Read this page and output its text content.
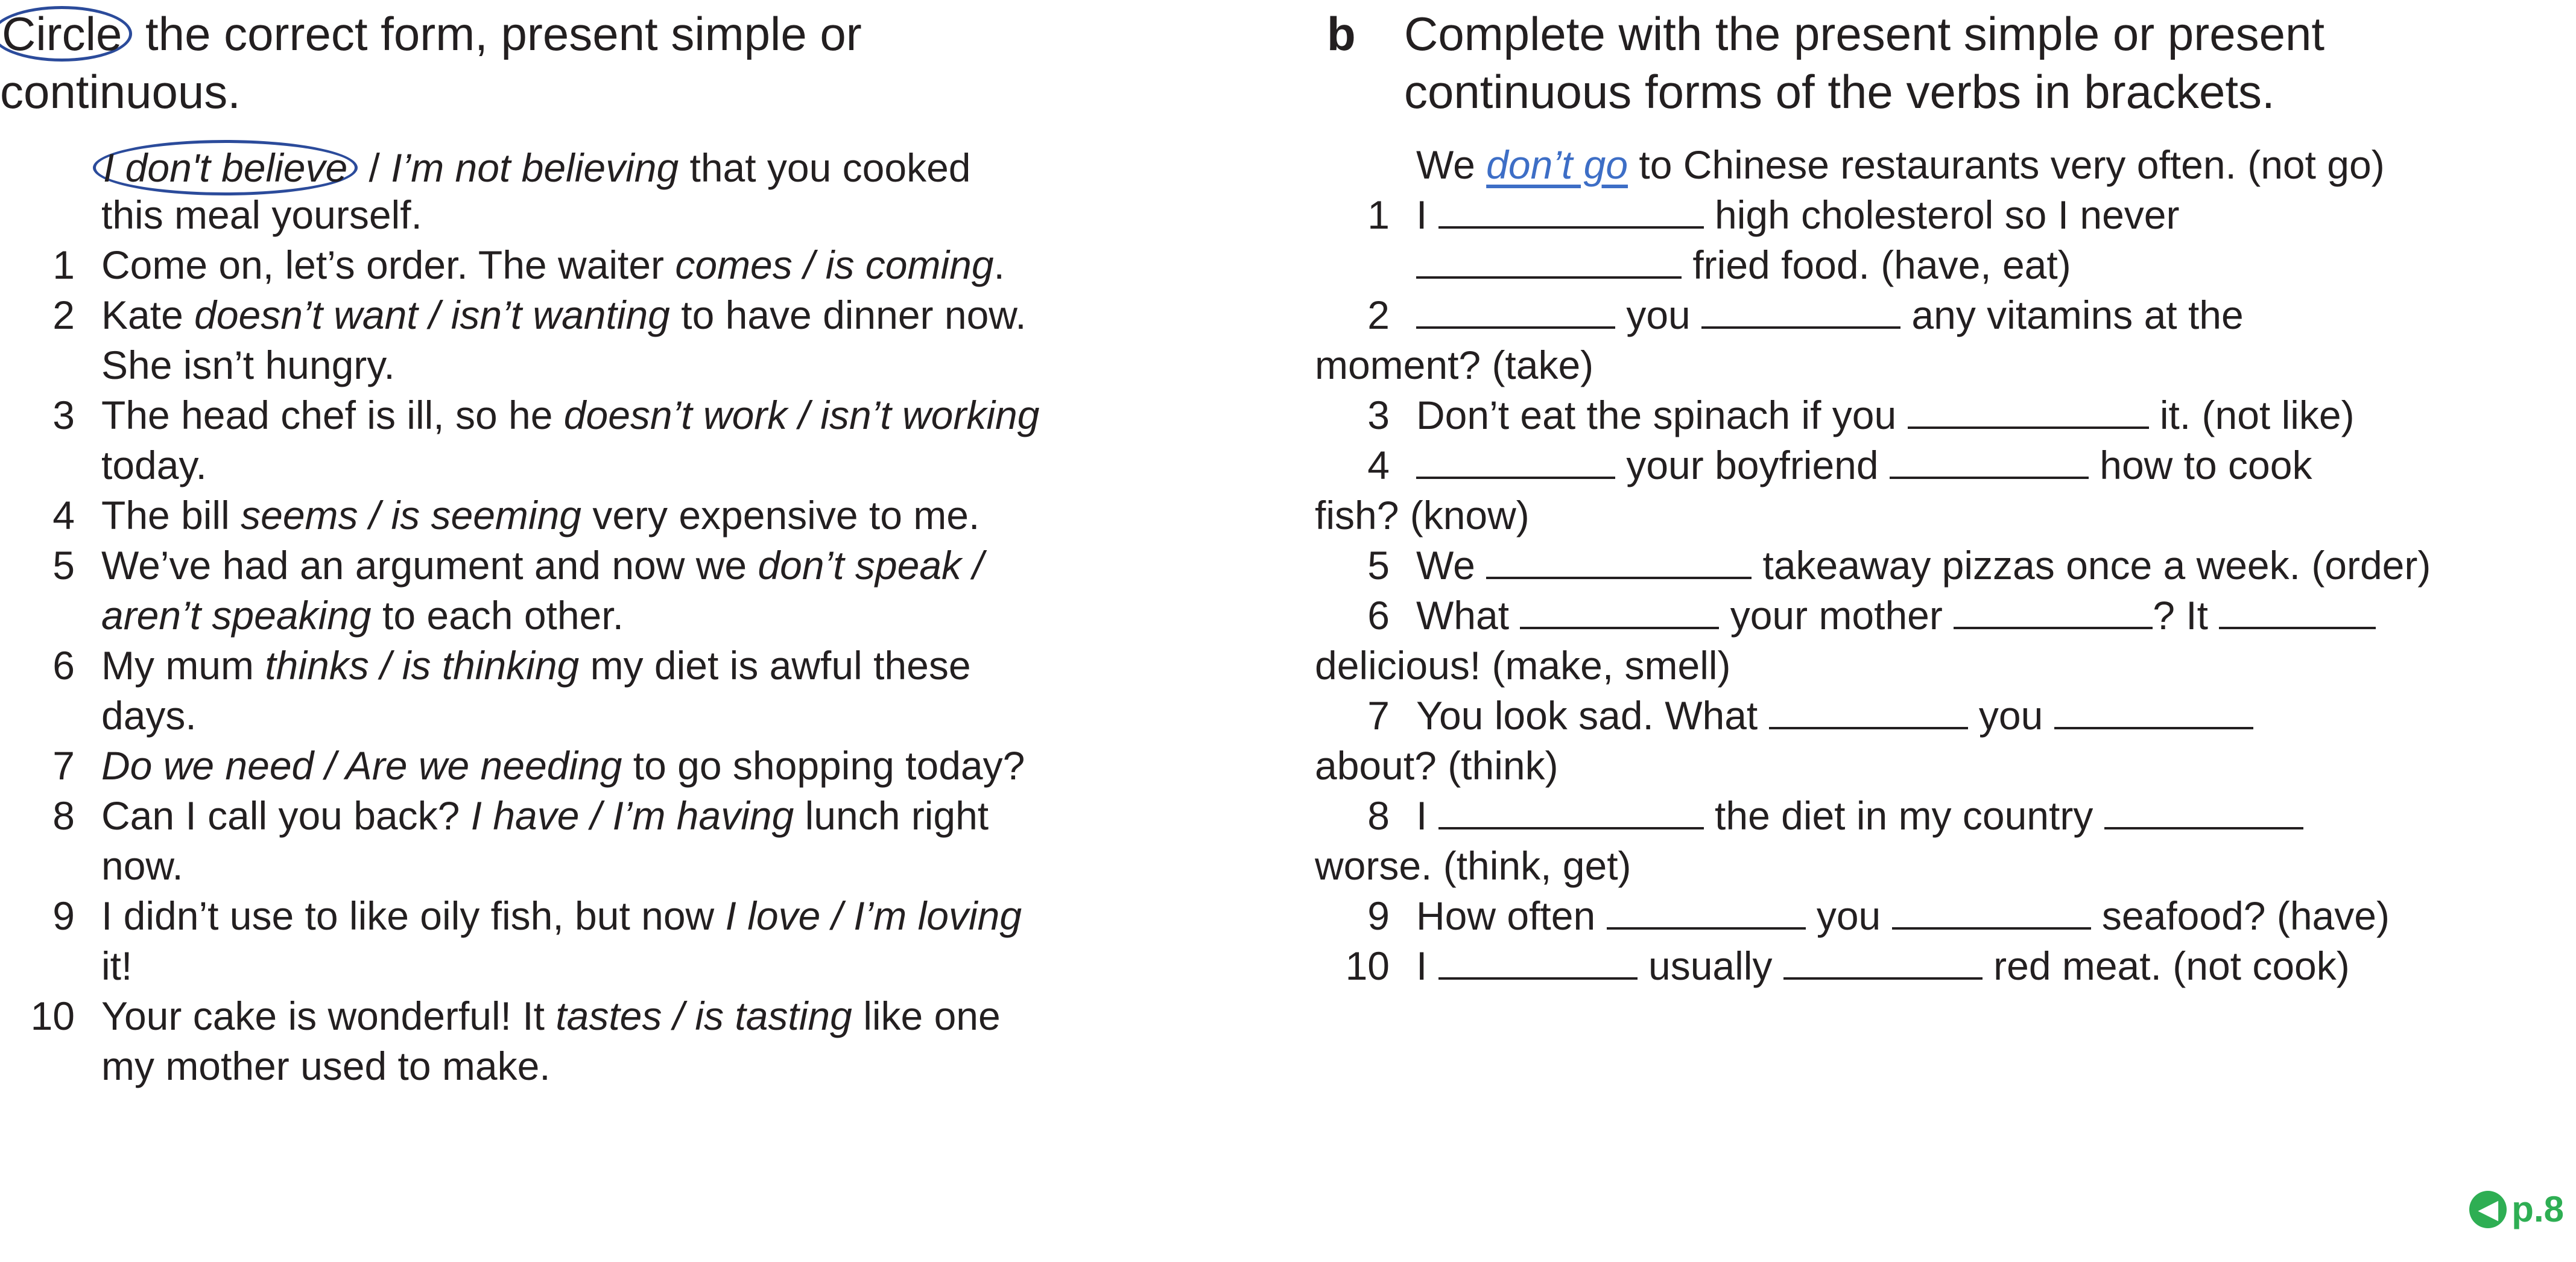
Circle the correct form, present simple or
continuous.
I don't believe / I’m not believing that you cooked
this meal yourself.
1 Come on, let’s order. The waiter comes / is coming.
2 Kate doesn’t want / isn’t wanting to have dinner now.
She isn’t hungry.
3 The head chef is ill, so he doesn’t work / isn’t working
today.
4 The bill seems / is seeming very expensive to me.
5 We’ve had an argument and now we don’t speak /
aren’t speaking to each other.
6 My mum thinks / is thinking my diet is awful these
days.
7 Do we need / Are we needing to go shopping today?
8 Can I call you back? I have / I’m having lunch right
now.
9 I didn’t use to like oily fish, but now I love / I’m loving
it!
10 Your cake is wonderful! It tastes / is tasting like one
my mother used to make.
b Complete with the present simple or present
continuous forms of the verbs in brackets.
We don’t go to Chinese restaurants very often. (not go)
1 I	high cholesterol so I never
fried food. (have, eat)
2	you	any vitamins at the
moment? (take)
3 Don’t eat the spinach if you	it. (not like)
4	your boyfriend	how to cook
fish? (know)
5 We	takeaway pizzas once a week. (order)
6 What	your mother	? It
delicious! (make, smell)
7 You look sad. What	you
about? (think)
8 I	the diet in my country
worse. (think, get)
9 How often	you	seafood? (have)
10 I	usually	red meat. (not cook)
◀ p.8
